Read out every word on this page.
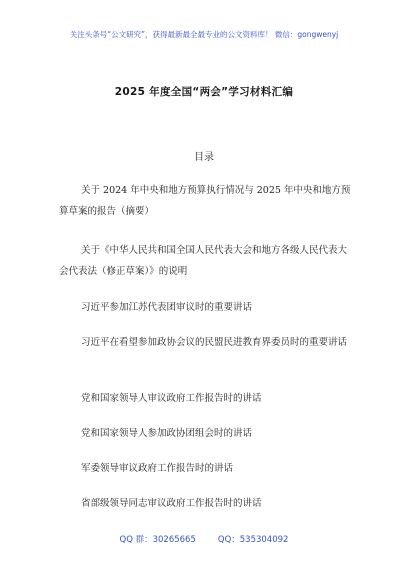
关注头条号“公文研究”，获得最新最全最专业的公文资料库！ 微信：gongwenyj
2025 年度全国“两会”学习材料汇编
目录
关于 2024 年中央和地方预算执行情况与 2025 年中央和地方预算草案的报告（摘要）
关于《中华人民共和国全国人民代表大会和地方各级人民代表大会代表法（修正草案）》的说明
习近平参加江苏代表团审议时的重要讲话
习近平在看望参加政协会议的民盟民进教育界委员时的重要讲话
党和国家领导人审议政府工作报告时的讲话
党和国家领导人参加政协团组会时的讲话
军委领导审议政府工作报告时的讲话
省部级领导同志审议政府工作报告时的讲话
QQ 群：30265665	QQ：535304092
